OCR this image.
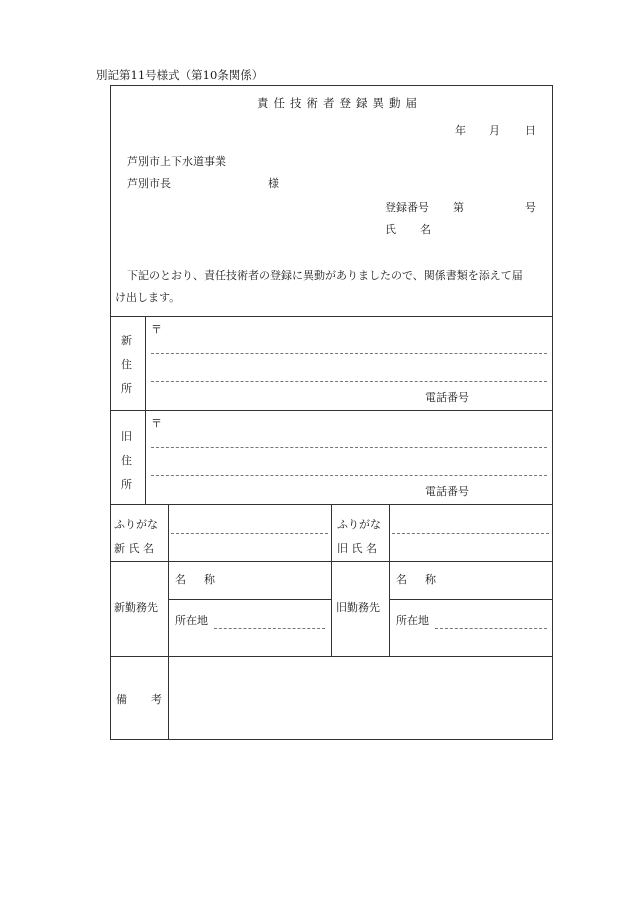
別記第11号様式（第10条関係）
責任技術者登録異動届
年 月 日
芦別市上下水道事業
芦別市長	様
登録番号 第	号
氏 名
下記のとおり、責任技術者の登録に異動がありましたので、関係書類を添えて届
け出します。
新
住
所
〒
電話番号
旧
住
所
〒
電話番号
ふりがな
新 氏 名
ふりがな
旧 氏 名
新勤務先
名 称
所在地
旧勤務先
名 称
所在地
備 考
